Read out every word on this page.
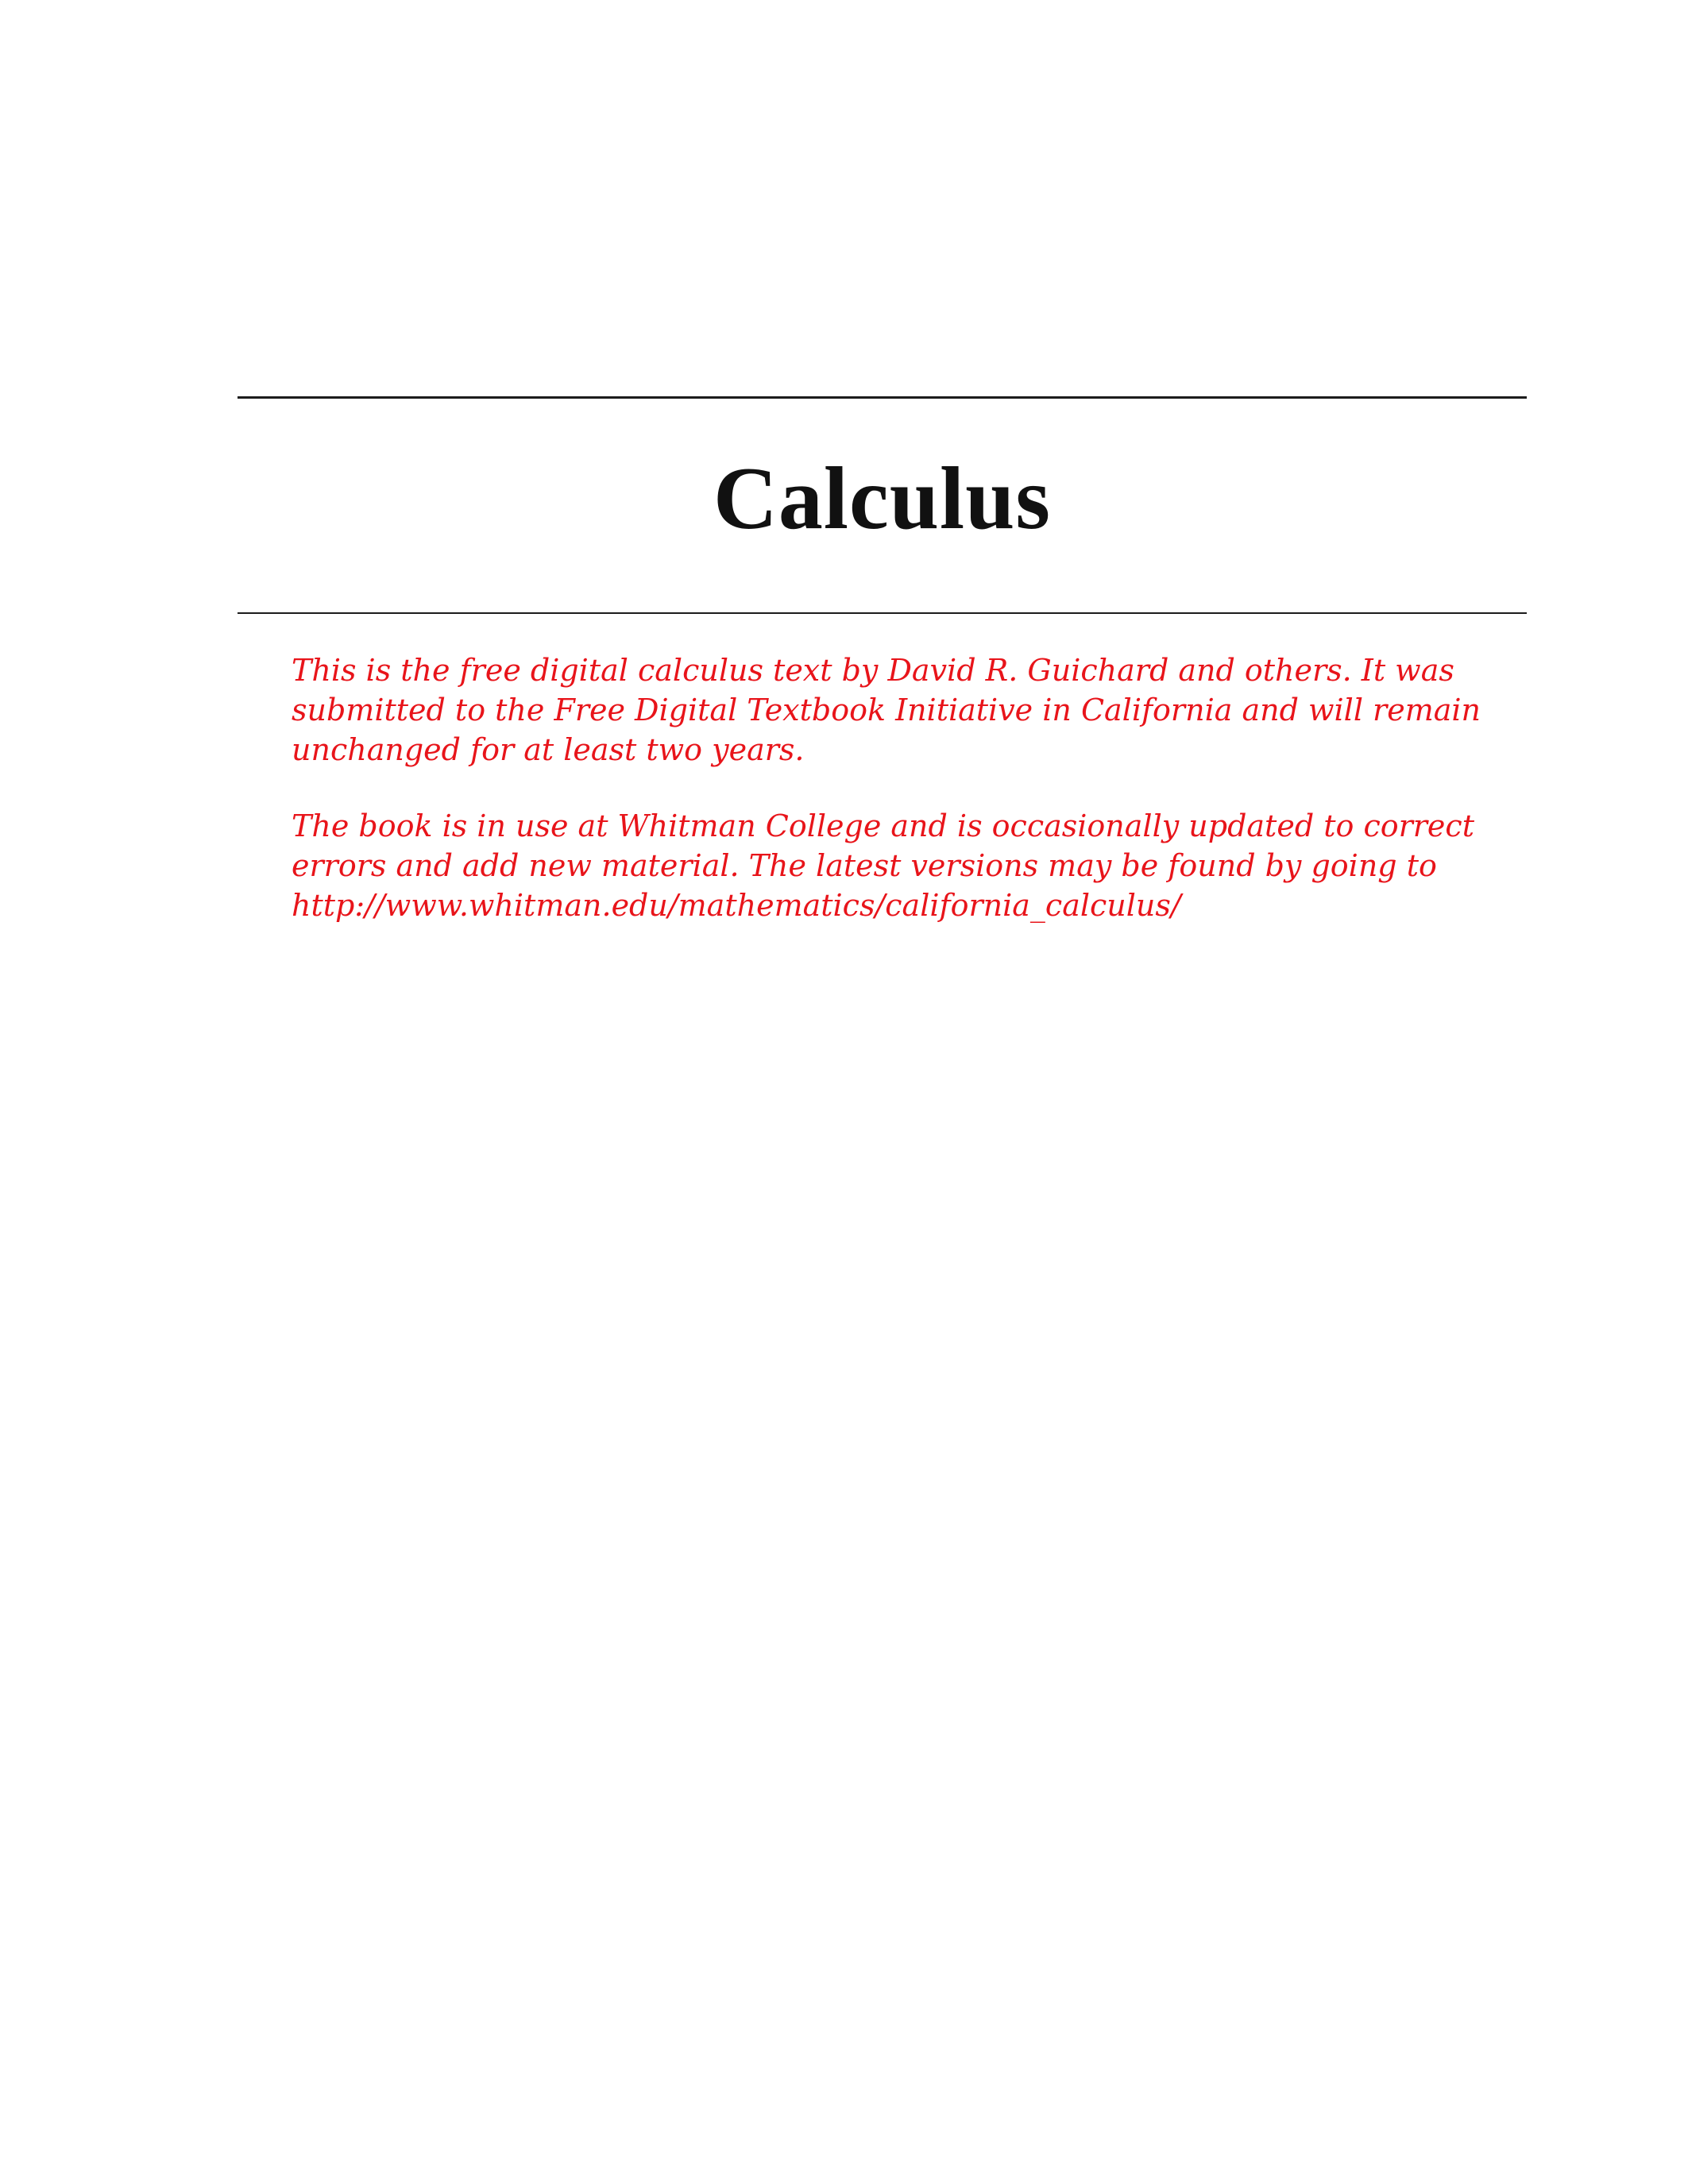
Calculus
This is the free digital calculus text by David R. Guichard and others. It was
submitted to the Free Digital Textbook Initiative in California and will remain
unchanged for at least two years.
The book is in use at Whitman College and is occasionally updated to correct
errors and add new material. The latest versions may be found by going to
http://www.whitman.edu/mathematics/california_calculus/
